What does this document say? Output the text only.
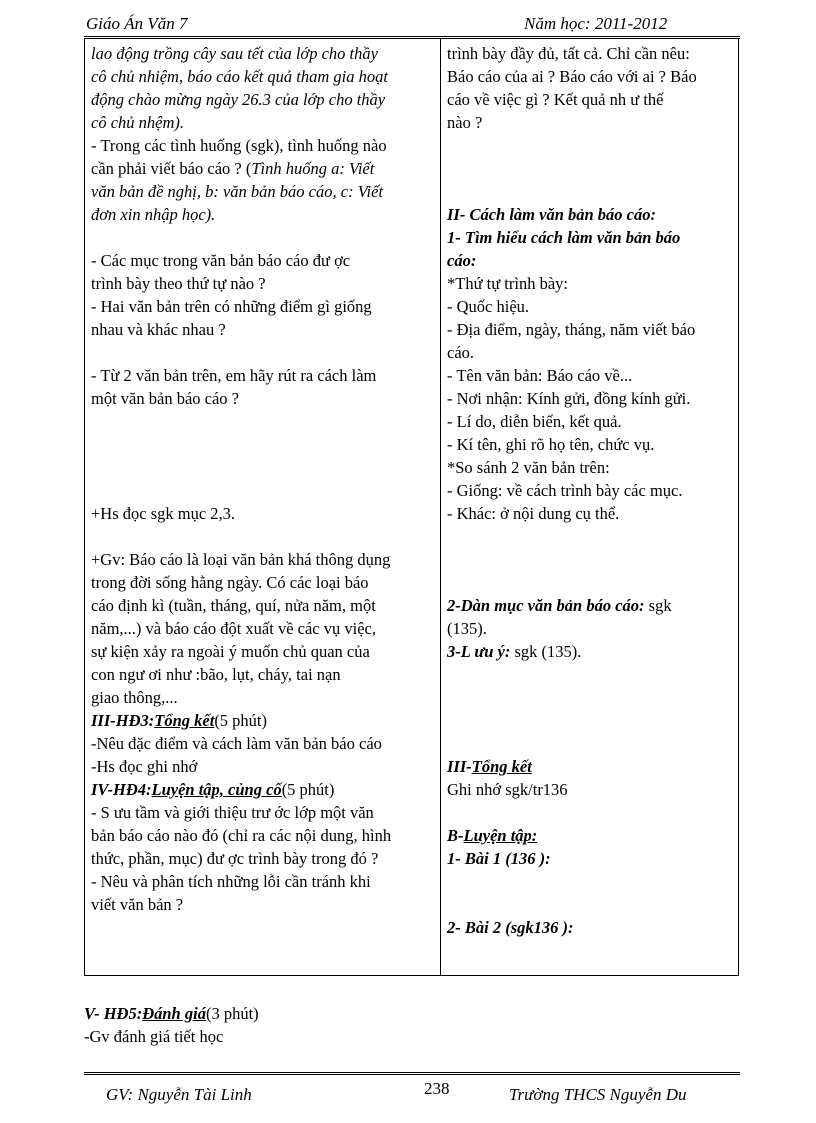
Giáo Án Văn 7	Năm học: 2011-2012
lao động trồng cây sau tết của lớp cho thầy
cô chủ nhiệm, báo cáo kết quả tham gia hoạt
động chào mừng ngày 26.3 của lớp cho thầy
cô chủ nhệm).
- Trong các tình huống (sgk), tình huống nào
cần phải viết báo cáo ? (Tình huống a: Viết
văn bản đề nghị, b: văn bản báo cáo, c: Viết
đơn xin nhập học).
- Các mục trong văn bản báo cáo đư ợc
trình bày theo thứ tự nào ?
- Hai văn bản trên có những điểm gì giống
nhau và khác nhau ?
- Từ 2 văn bản trên, em hãy rút ra cách làm
một văn bản báo cáo ?
+Hs đọc sgk mục 2,3.
+Gv: Báo cáo là loại văn bản khá thông dụng
trong đời sống hằng ngày. Có các loại báo
cáo định kì (tuần, tháng, quí, nửa năm, một
năm,...) và báo cáo đột xuất về các vụ việc,
sự kiện xảy ra ngoài ý muốn chủ quan của
con ngư ơi như :bão, lụt, cháy, tai nạn
giao thông,...
III-HĐ3:Tổng kết(5 phút)
-Nêu đặc điểm và cách làm văn bản báo cáo
-Hs đọc ghi nhớ
IV-HĐ4:Luyện tập, củng cố(5 phút)
- S ưu tầm và giới thiệu trư ớc lớp một văn
bản báo cáo nào đó (chỉ ra các nội dung, hình
thức, phần, mục) đư ợc trình bày trong đó ?
- Nêu và phân tích những lỗi cần tránh khi
viết văn bản ?
trình bày đầy đủ, tất cả. Chỉ cần nêu:
Báo cáo của ai ? Báo cáo với ai ? Báo
cáo về việc gì ? Kết quả nh ư thế
nào ?
II- Cách làm văn bản báo cáo:
1- Tìm hiểu cách làm văn bản báo
cáo:
*Thứ tự trình bày:
- Quốc hiệu.
- Địa điểm, ngày, tháng, năm viết báo
cáo.
- Tên văn bản: Báo cáo về...
- Nơi nhận: Kính gửi, đồng kính gửi.
- Lí do, diễn biến, kết quả.
- Kí tên, ghi rõ họ tên, chức vụ.
*So sánh 2 văn bản trên:
- Giống: về cách trình bày các mục.
- Khác: ở nội dung cụ thể.
2-Dàn mục văn bản báo cáo: sgk
(135).
3-L ưu ý: sgk (135).
III-Tổng kết
Ghi nhớ sgk/tr136
B-Luyện tập:
1- Bài 1 (136 ):
2- Bài 2 (sgk136 ):
V- HĐ5:Đánh giá(3 phút)
-Gv đánh giá tiết học
GV: Nguyễn Tài Linh	238	Trường THCS Nguyễn Du
